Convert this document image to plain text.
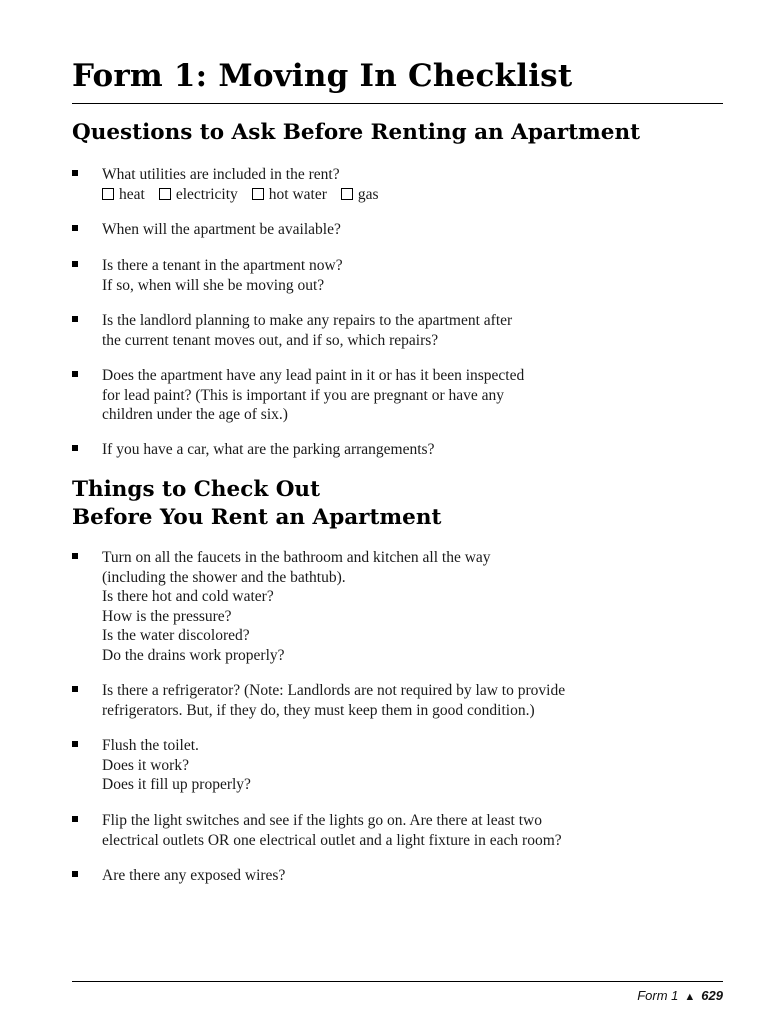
Form 1: Moving In Checklist
Questions to Ask Before Renting an Apartment
What utilities are included in the rent?
heat electricity hot water gas
When will the apartment be available?
Is there a tenant in the apartment now?
If so, when will she be moving out?
Is the landlord planning to make any repairs to the apartment after
the current tenant moves out, and if so, which repairs?
Does the apartment have any lead paint in it or has it been inspected
for lead paint? (This is important if you are pregnant or have any
children under the age of six.)
If you have a car, what are the parking arrangements?
Things to Check Out
Before You Rent an Apartment
Turn on all the faucets in the bathroom and kitchen all the way
(including the shower and the bathtub).
Is there hot and cold water?
How is the pressure?
Is the water discolored?
Do the drains work properly?
Is there a refrigerator? (Note: Landlords are not required by law to provide
refrigerators. But, if they do, they must keep them in good condition.)
Flush the toilet.
Does it work?
Does it fill up properly?
Flip the light switches and see if the lights go on. Are there at least two
electrical outlets OR one electrical outlet and a light fixture in each room?
Are there any exposed wires?
Form 1 ▲ 629
